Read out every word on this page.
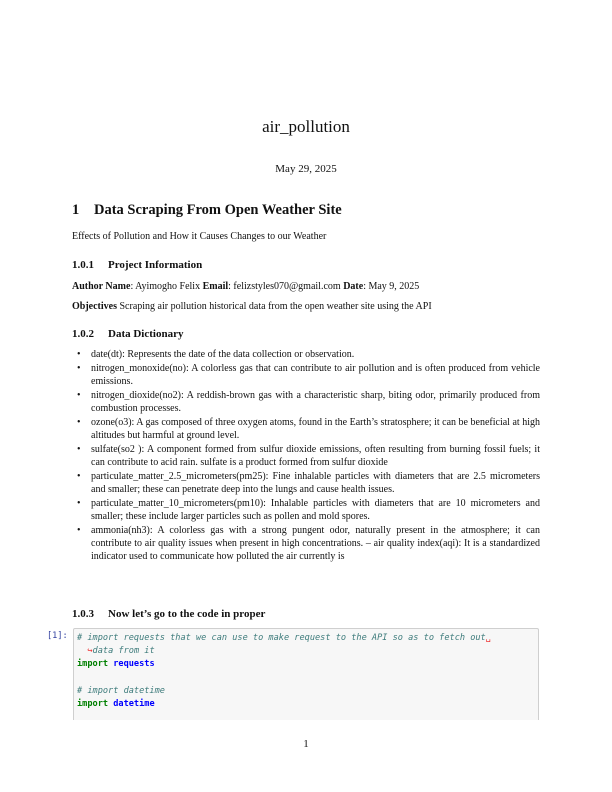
air_pollution
May 29, 2025
1 Data Scraping From Open Weather Site
Effects of Pollution and How it Causes Changes to our Weather
1.0.1 Project Information
Author Name: Ayimogho Felix Email: felizstyles070@gmail.com Date: May 9, 2025
Objectives Scraping air pollution historical data from the open weather site using the API
1.0.2 Data Dictionary
• date(dt): Represents the date of the data collection or observation.
• nitrogen_monoxide(no): A colorless gas that can contribute to air pollution and is often produced from vehicle emissions.
• nitrogen_dioxide(no2): A reddish-brown gas with a characteristic sharp, biting odor, primarily produced from combustion processes.
• ozone(o3): A gas composed of three oxygen atoms, found in the Earth’s stratosphere; it can be beneficial at high altitudes but harmful at ground level.
• sulfate(so2 ): A component formed from sulfur dioxide emissions, often resulting from burning fossil fuels; it can contribute to acid rain. sulfate is a product formed from sulfur dioxide
• particulate_matter_2.5_micrometers(pm25): Fine inhalable particles with diameters that are 2.5 micrometers and smaller; these can penetrate deep into the lungs and cause health issues.
• particulate_matter_10_micrometers(pm10): Inhalable particles with diameters that are 10 micrometers and smaller; these include larger particles such as pollen and mold spores.
• ammonia(nh3): A colorless gas with a strong pungent odor, naturally present in the atmosphere; it can contribute to air quality issues when present in high concentrations. – air quality index(aqi): It is a standardized indicator used to communicate how polluted the air currently is
1.0.3 Now let’s go to the code in proper
[1]:	# import requests that we can use to make request to the API so as to fetch out␣
↪data from it
import requests

# import datetime
import datetime
1
